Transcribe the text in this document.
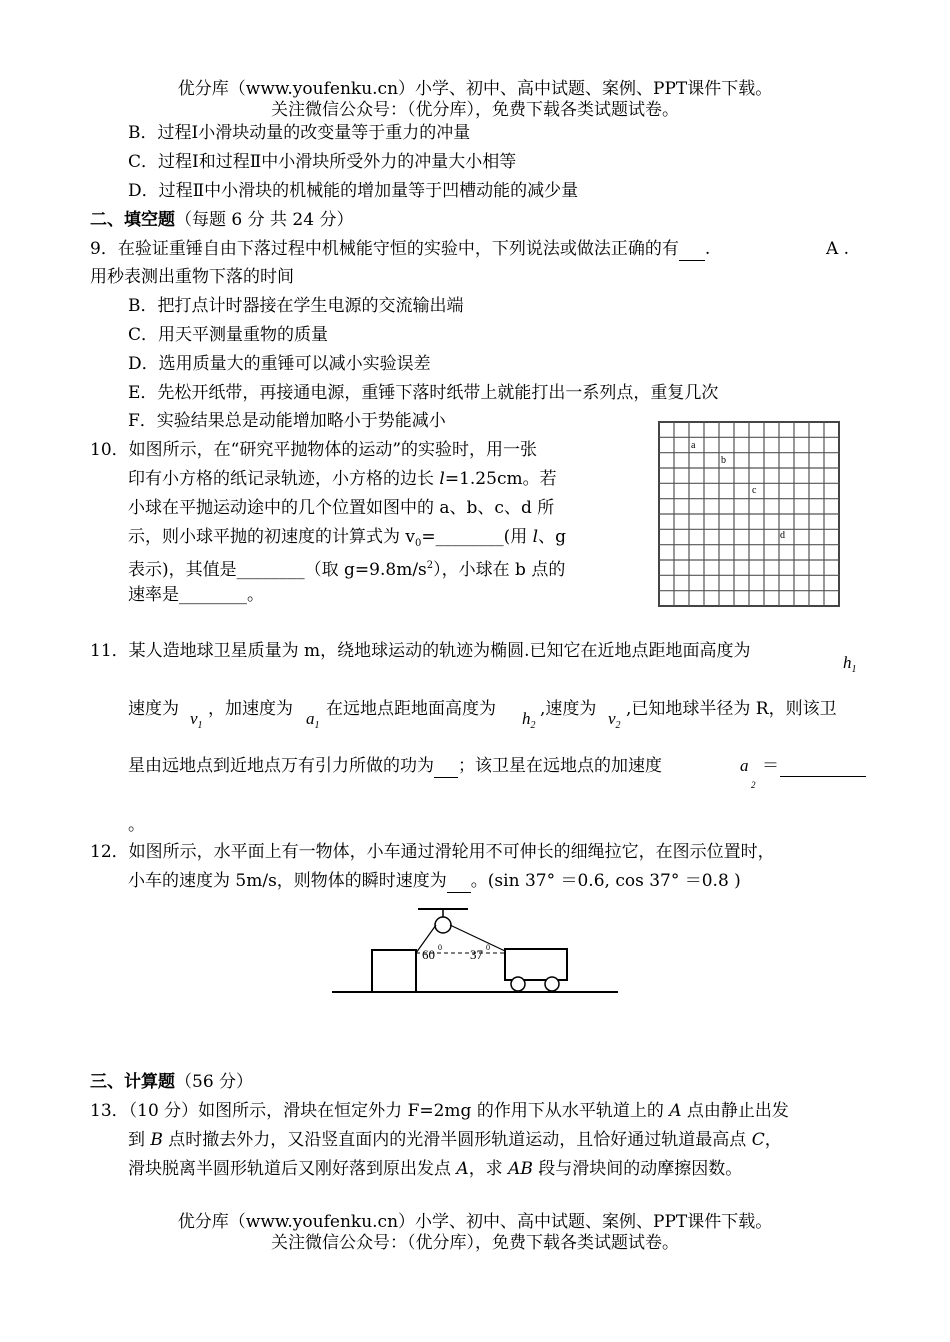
优分库（www.youfenku.cn）小学、初中、高中试题、案例、PPT课件下载。
关注微信公众号：（优分库），免费下载各类试题试卷。
B．过程Ⅰ小滑块动量的改变量等于重力的冲量
C．过程Ⅰ和过程Ⅱ中小滑块所受外力的冲量大小相等
D．过程Ⅱ中小滑块的机械能的增加量等于凹槽动能的减少量
二、填空题（每题 6 分 共 24 分）
9．在验证重锤自由下落过程中机械能守恒的实验中，下列说法或做法正确的有 .	A .
用秒表测出重物下落的时间
B．把打点计时器接在学生电源的交流输出端
C．用天平测量重物的质量
D．选用质量大的重锤可以减小实验误差
E．先松开纸带，再接通电源，重锤下落时纸带上就能打出一系列点，重复几次
F．实验结果总是动能增加略小于势能减小
10．如图所示，在“研究平抛物体的运动”的实验时，用一张
印有小方格的纸记录轨迹，小方格的边长 l=1.25cm。若
小球在平抛运动途中的几个位置如图中的 a、b、c、d 所
示，则小球平抛的初速度的计算式为 $v_0=\_\_\_\_\_\_\_\_$(用 l、g
表示)，其值是________（取 $g=9.8m/s^2$），小球在 b 点的
速率是________。
a
b
c
d
11．某人造地球卫星质量为 m，绕地球运动的轨迹为椭圆.已知它在近地点距地面高度为
$h_1$
速度为 $v_1$
，加速度为 $a_1$
在远地点距地面高度为 $h_2$
,速度为 $v_2$
,已知地球半径为 R，则该卫
星由远地点到近地点万有引力所做的功为 ；该卫星在远地点的加速度	a
2
＝
。
12．如图所示，水平面上有一物体，小车通过滑轮用不可伸长的细绳拉它，在图示位置时，
小车的速度为 5m/s，则物体的瞬时速度为 。(sin 37° ＝0.6, cos 37° ＝0.8 )
60 0 37 0
三、计算题（56 分）
13．（10 分）如图所示，滑块在恒定外力 F=2mg 的作用下从水平轨道上的 A 点由静止出发
到 B 点时撤去外力，又沿竖直面内的光滑半圆形轨道运动，且恰好通过轨道最高点 C，
滑块脱离半圆形轨道后又刚好落到原出发点 A，求 AB 段与滑块间的动摩擦因数。
优分库（www.youfenku.cn）小学、初中、高中试题、案例、PPT课件下载。
关注微信公众号：（优分库），免费下载各类试题试卷。
